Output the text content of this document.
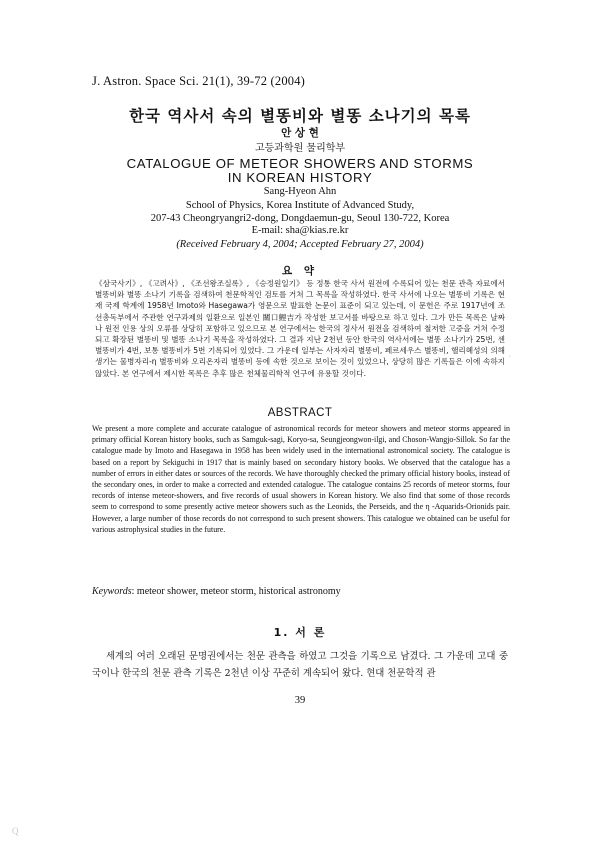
J. Astron. Space Sci. 21(1), 39-72 (2004)
한국 역사서 속의 별똥비와 별똥 소나기의 목록
안 상 현
고등과학원 물리학부
CATALOGUE OF METEOR SHOWERS AND STORMS
IN KOREAN HISTORY
Sang-Hyeon Ahn
School of Physics, Korea Institute of Advanced Study,
207-43 Cheongryangri2-dong, Dongdaemun-gu, Seoul 130-722, Korea
E-mail: sha@kias.re.kr
(Received February 4, 2004; Accepted February 27, 2004)
요 약

《삼국사기》, 《고려사》, 《조선왕조실록》, 《승정원일기》 등 정통 한국 사서 원전에 수록되어 있는 천문 관측 자료에서 별똥비와 별똥 소나기 기록을 검색하여 천문학적인 검토를 거쳐 그 목록을 작성하였다. 한국 사서에 나오는 별똥비 기록은 현재 국제 학계에 1958년 Imoto와 Hasegawa가 영문으로 발표한 논문이 표준이 되고 있는데, 이 문헌은 주로 1917년에 조선총독부에서 주관한 연구과제의 일환으로 일본인 關口鯉吉가 작성한 보고서를 바탕으로 하고 있다. 그가 만든 목록은 날짜나 원전 인용 상의 오류를 상당히 포함하고 있으므로 본 연구에서는 한국의 정사서 원전을 검색하여 철저한 고증을 거쳐 수정되고 확장된 별똥비 및 별똥 소나기 목록을 작성하였다. 그 결과 지난 2천년 동안 한국의 역사서에는 별똥 소나기가 25번, 센 별똥비가 4번, 보통 별똥비가 5번 기록되어 있었다. 그 가운데 일부는 사자자리 별똥비, 페르세우스 별똥비, 핼리혜성의 의해 생기는 물병자리-η 별똥비와 오리온자리 별똥비 등에 속한 것으로 보이는 것이 있었으나, 상당히 많은 기록들은 이에 속하지 않았다. 본 연구에서 제시한 목록은 추후 많은 천체물리학적 연구에 유용할 것이다.

·
ABSTRACT

We present a more complete and accurate catalogue of astronomical records for meteor showers and meteor storms appeared in primary official Korean history books, such as Samguk-sagi, Koryo-sa, Seungjeongwon-ilgi, and Choson-Wangjo-Sillok. So far the catalogue made by Imoto and Hasegawa in 1958 has been widely used in the international astronomical society. The catalogue is based on a report by Sekiguchi in 1917 that is mainly based on secondary history books. We observed that the catalogue has a number of errors in either dates or sources of the records. We have thoroughly checked the primary official history books, instead of the secondary ones, in order to make a corrected and extended catalogue. The catalogue contains 25 records of meteor storms, four records of intense meteor-showers, and five records of usual showers in Korean history. We also find that some of those records seem to correspond to some presently active meteor showers such as the Leonids, the Perseids, and the η -Aquarids-Orionids pair. However, a large number of those records do not correspond to such present showers. This catalogue we obtained can be useful for various astrophysical studies in the future.

Keywords: meteor shower, meteor storm, historical astronomy
1. 서 론

세계의 여러 오래된 문명권에서는 천문 관측을 하였고 그것을 기록으로 남겼다. 그 가운데 고대 중국이나 한국의 천문 관측 기록은 2천년 이상 꾸준히 계속되어 왔다. 현대 천문학적 관

39
Q
